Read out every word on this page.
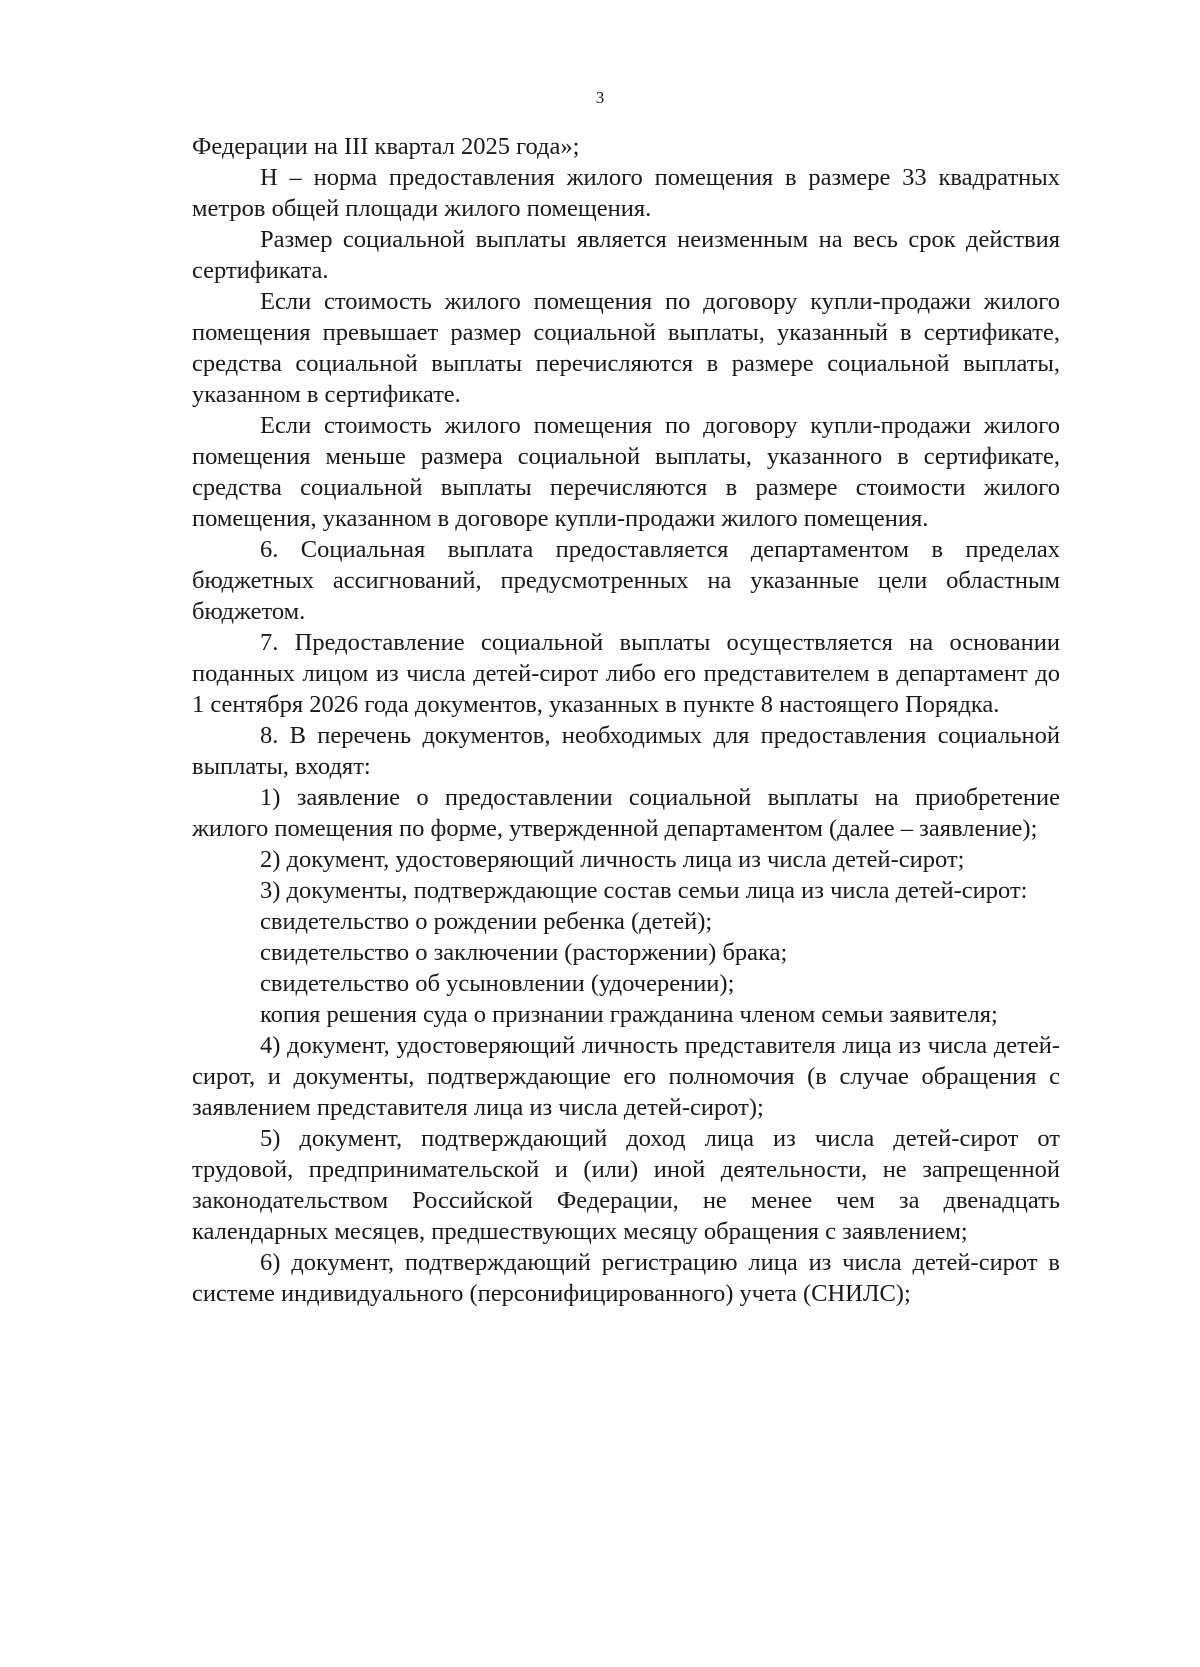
3

Федерации на III квартал 2025 года»;

Н – норма предоставления жилого помещения в размере 33 квадратных метров общей площади жилого помещения.

Размер социальной выплаты является неизменным на весь срок действия сертификата.

Если стоимость жилого помещения по договору купли-продажи жилого помещения превышает размер социальной выплаты, указанный в сертификате, средства социальной выплаты перечисляются в размере социальной выплаты, указанном в сертификате.

Если стоимость жилого помещения по договору купли-продажи жилого помещения меньше размера социальной выплаты, указанного в сертификате, средства социальной выплаты перечисляются в размере стоимости жилого помещения, указанном в договоре купли-продажи жилого помещения.

6. Социальная выплата предоставляется департаментом в пределах бюджетных ассигнований, предусмотренных на указанные цели областным бюджетом.

7. Предоставление социальной выплаты осуществляется на основании поданных лицом из числа детей-сирот либо его представителем в департамент до 1 сентября 2026 года документов, указанных в пункте 8 настоящего Порядка.

8. В перечень документов, необходимых для предоставления социальной выплаты, входят:

1) заявление о предоставлении социальной выплаты на приобретение жилого помещения по форме, утвержденной департаментом (далее – заявление);

2) документ, удостоверяющий личность лица из числа детей-сирот;

3) документы, подтверждающие состав семьи лица из числа детей-сирот:

свидетельство о рождении ребенка (детей);

свидетельство о заключении (расторжении) брака;

свидетельство об усыновлении (удочерении);

копия решения суда о признании гражданина членом семьи заявителя;

4) документ, удостоверяющий личность представителя лица из числа детей-сирот, и документы, подтверждающие его полномочия (в случае обращения с заявлением представителя лица из числа детей-сирот);

5) документ, подтверждающий доход лица из числа детей-сирот от трудовой, предпринимательской и (или) иной деятельности, не запрещенной законодательством Российской Федерации, не менее чем за двенадцать календарных месяцев, предшествующих месяцу обращения с заявлением;

6) документ, подтверждающий регистрацию лица из числа детей-сирот в системе индивидуального (персонифицированного) учета (СНИЛС);
